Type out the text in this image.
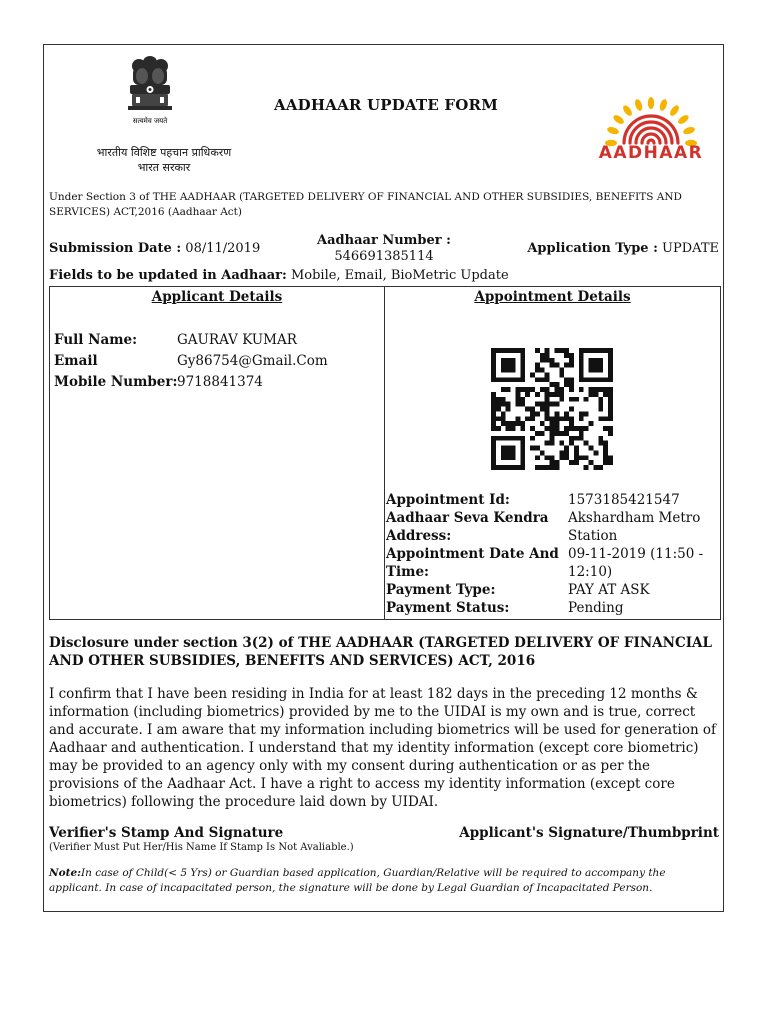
सत्यमेव जयते
भारतीय विशिष्ट पहचान प्राधिकरण
भारत सरकार
AADHAAR UPDATE FORM
AADHAAR
Under Section 3 of THE AADHAAR (TARGETED DELIVERY OF FINANCIAL AND OTHER SUBSIDIES, BENEFITS AND SERVICES) ACT,2016 (Aadhaar Act)
Submission Date : 08/11/2019
Aadhaar Number :
546691385114
Application Type : UPDATE
Fields to be updated in Aadhaar: Mobile, Email, BioMetric Update
Applicant Details
Full Name:	GAURAV KUMAR
Email	Gy86754@Gmail.Com
Mobile Number: 9718841374
Appointment Details
Appointment Id:	1573185421547
Aadhaar Seva Kendra Address:
Akshardham Metro Station
Appointment Date And Time:
09-11-2019 (11:50 - 12:10)
Payment Type:	PAY AT ASK
Payment Status:	Pending
Disclosure under section 3(2) of THE AADHAAR (TARGETED DELIVERY OF FINANCIAL AND OTHER SUBSIDIES, BENEFITS AND SERVICES) ACT, 2016
I confirm that I have been residing in India for at least 182 days in the preceding 12 months & information (including biometrics) provided by me to the UIDAI is my own and is true, correct and accurate. I am aware that my information including biometrics will be used for generation of Aadhaar and authentication. I understand that my identity information (except core biometric) may be provided to an agency only with my consent during authentication or as per the provisions of the Aadhaar Act. I have a right to access my identity information (except core biometrics) following the procedure laid down by UIDAI.
Verifier's Stamp And Signature
(Verifier Must Put Her/His Name If Stamp Is Not Avaliable.)
Applicant's Signature/Thumbprint
Note:In case of Child(< 5 Yrs) or Guardian based application, Guardian/Relative will be required to accompany the applicant. In case of incapacitated person, the signature will be done by Legal Guardian of Incapacitated Person.
